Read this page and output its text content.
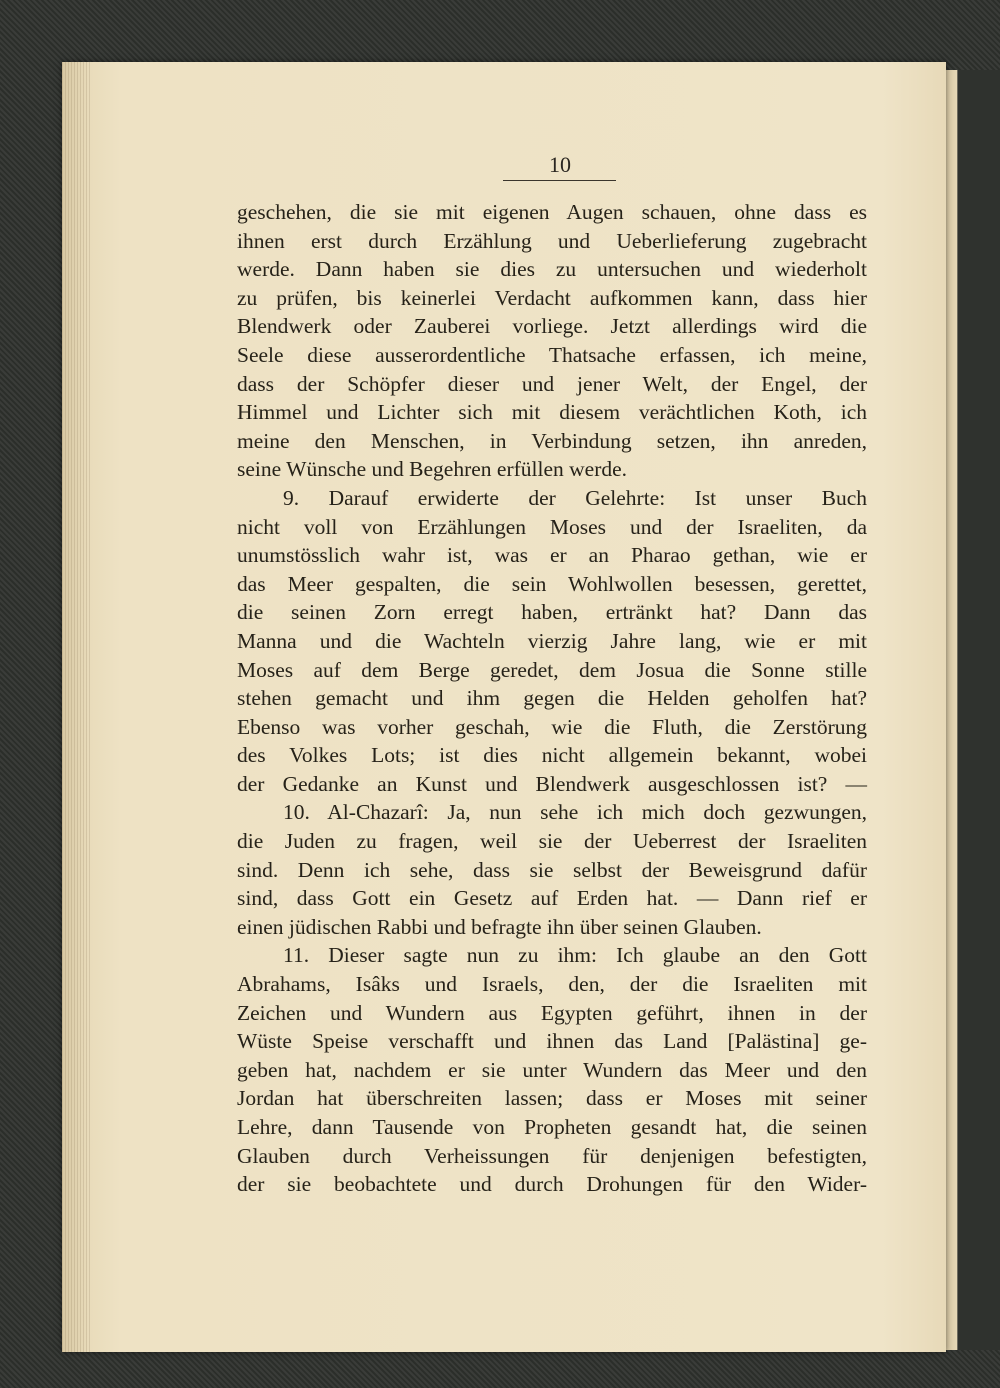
10
geschehen, die sie mit eigenen Augen schauen, ohne dass es
ihnen erst durch Erzählung und Ueberlieferung zugebracht
werde. Dann haben sie dies zu untersuchen und wiederholt
zu prüfen, bis keinerlei Verdacht aufkommen kann, dass hier
Blendwerk oder Zauberei vorliege. Jetzt allerdings wird die
Seele diese ausserordentliche Thatsache erfassen, ich meine,
dass der Schöpfer dieser und jener Welt, der Engel, der
Himmel und Lichter sich mit diesem verächtlichen Koth, ich
meine den Menschen, in Verbindung setzen, ihn anreden,
seine Wünsche und Begehren erfüllen werde.
9. Darauf erwiderte der Gelehrte: Ist unser Buch
nicht voll von Erzählungen Moses und der Israeliten, da
unumstösslich wahr ist, was er an Pharao gethan, wie er
das Meer gespalten, die sein Wohlwollen besessen, gerettet,
die seinen Zorn erregt haben, ertränkt hat? Dann das
Manna und die Wachteln vierzig Jahre lang, wie er mit
Moses auf dem Berge geredet, dem Josua die Sonne stille
stehen gemacht und ihm gegen die Helden geholfen hat?
Ebenso was vorher geschah, wie die Fluth, die Zerstörung
des Volkes Lots; ist dies nicht allgemein bekannt, wobei
der Gedanke an Kunst und Blendwerk ausgeschlossen ist? —
10. Al-Chazarî: Ja, nun sehe ich mich doch gezwungen,
die Juden zu fragen, weil sie der Ueberrest der Israeliten
sind. Denn ich sehe, dass sie selbst der Beweisgrund dafür
sind, dass Gott ein Gesetz auf Erden hat. — Dann rief er
einen jüdischen Rabbi und befragte ihn über seinen Glauben.
11. Dieser sagte nun zu ihm: Ich glaube an den Gott
Abrahams, Isâks und Israels, den, der die Israeliten mit
Zeichen und Wundern aus Egypten geführt, ihnen in der
Wüste Speise verschafft und ihnen das Land [Palästina] ge-
geben hat, nachdem er sie unter Wundern das Meer und den
Jordan hat überschreiten lassen; dass er Moses mit seiner
Lehre, dann Tausende von Propheten gesandt hat, die seinen
Glauben durch Verheissungen für denjenigen befestigten,
der sie beobachtete und durch Drohungen für den Wider-
